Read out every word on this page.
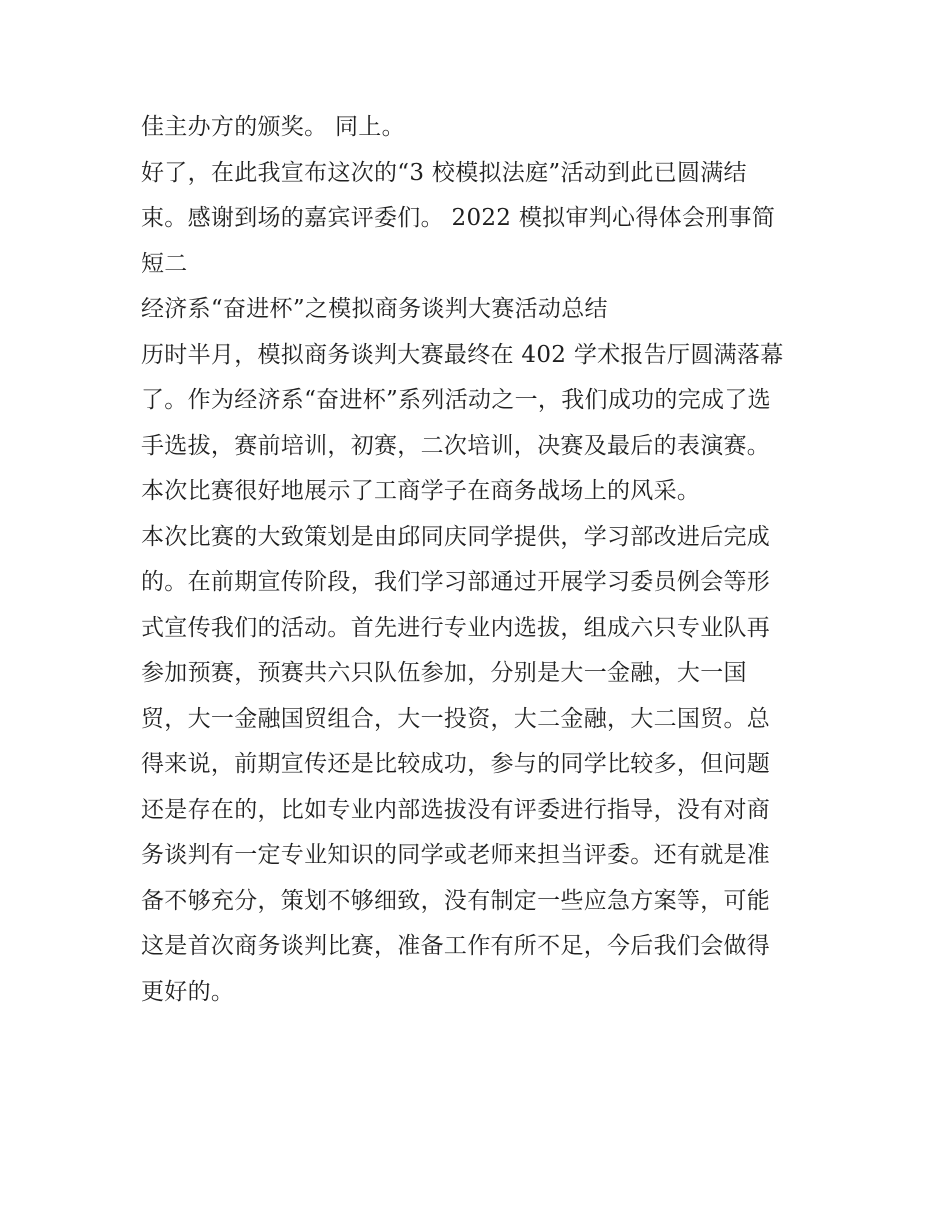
佳主办方的颁奖。 同上。
好了，在此我宣布这次的“3 校模拟法庭”活动到此已圆满结
束。感谢到场的嘉宾评委们。 2022 模拟审判心得体会刑事简
短二
经济系“奋进杯”之模拟商务谈判大赛活动总结
历时半月，模拟商务谈判大赛最终在 402 学术报告厅圆满落幕
了。作为经济系“奋进杯”系列活动之一，我们成功的完成了选
手选拔，赛前培训，初赛，二次培训，决赛及最后的表演赛。
本次比赛很好地展示了工商学子在商务战场上的风采。
本次比赛的大致策划是由邱同庆同学提供，学习部改进后完成
的。在前期宣传阶段，我们学习部通过开展学习委员例会等形
式宣传我们的活动。首先进行专业内选拔，组成六只专业队再
参加预赛，预赛共六只队伍参加，分别是大一金融，大一国
贸，大一金融国贸组合，大一投资，大二金融，大二国贸。总
得来说，前期宣传还是比较成功，参与的同学比较多，但问题
还是存在的，比如专业内部选拔没有评委进行指导，没有对商
务谈判有一定专业知识的同学或老师来担当评委。还有就是准
备不够充分，策划不够细致，没有制定一些应急方案等，可能
这是首次商务谈判比赛，准备工作有所不足，今后我们会做得
更好的。
